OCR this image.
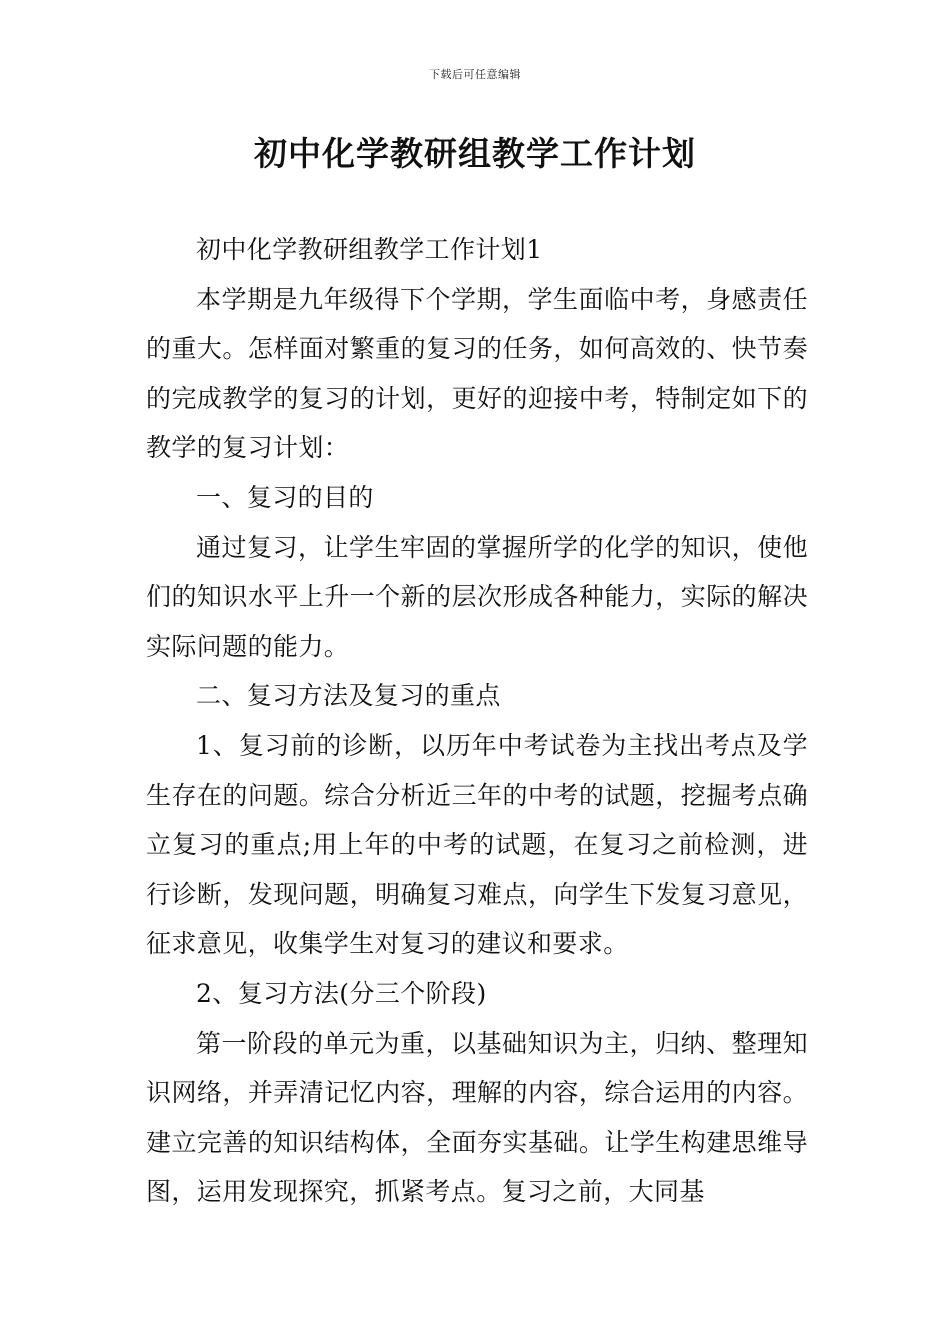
下载后可任意编辑
初中化学教研组教学工作计划

初中化学教研组教学工作计划1

本学期是九年级得下个学期，学生面临中考，身感责任的重大。怎样面对繁重的复习的任务，如何高效的、快节奏的完成教学的复习的计划，更好的迎接中考，特制定如下的教学的复习计划：

一、复习的目的

通过复习，让学生牢固的掌握所学的化学的知识，使他们的知识水平上升一个新的层次形成各种能力，实际的解决实际问题的能力。

二、复习方法及复习的重点

1、复习前的诊断，以历年中考试卷为主找出考点及学生存在的问题。综合分析近三年的中考的试题，挖掘考点确立复习的重点;用上年的中考的试题，在复习之前检测，进行诊断，发现问题，明确复习难点，向学生下发复习意见，征求意见，收集学生对复习的建议和要求。

2、复习方法(分三个阶段)

第一阶段的单元为重，以基础知识为主，归纳、整理知识网络，并弄清记忆内容，理解的内容，综合运用的内容。建立完善的知识结构体，全面夯实基础。让学生构建思维导图，运用发现探究，抓紧考点。复习之前，大同基
